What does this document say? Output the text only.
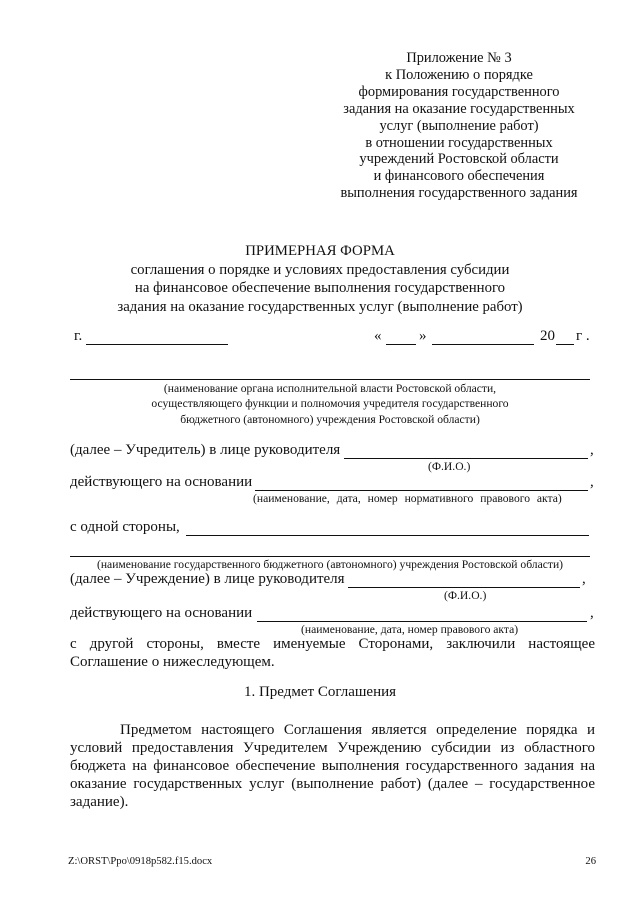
Приложение № 3
к Положению о порядке
формирования государственного
задания на оказание государственных
услуг (выполнение работ)
в отношении государственных
учреждений Ростовской области
и финансового обеспечения
выполнения государственного задания
ПРИМЕРНАЯ ФОРМА
соглашения о порядке и условиях предоставления субсидии
на финансовое обеспечение выполнения государственного
задания на оказание государственных услуг (выполнение работ)
г.	«	»	20 г .
(наименование органа исполнительной власти Ростовской области,
осуществляющего функции и полномочия учредителя государственного
бюджетного (автономного) учреждения Ростовской области)
(далее – Учредитель) в лице руководителя	,
(Ф.И.О.)
действующего на основании	,
(наименование, дата, номер нормативного правового акта)
с одной стороны,
(наименование государственного бюджетного (автономного) учреждения Ростовской области)
(далее – Учреждение) в лице руководителя	,
(Ф.И.О.)
действующего на основании	,
(наименование, дата, номер правового акта)
с другой стороны, вместе именуемые Сторонами, заключили настоящее
Соглашение о нижеследующем.
1. Предмет Соглашения
Предметом настоящего Соглашения является определение порядка и
условий предоставления Учредителем Учреждению субсидии из областного
бюджета на финансовое обеспечение выполнения государственного задания на
оказание государственных услуг (выполнение работ) (далее – государственное
задание).
Z:\ORST\Ppo\0918p582.f15.docx	26
